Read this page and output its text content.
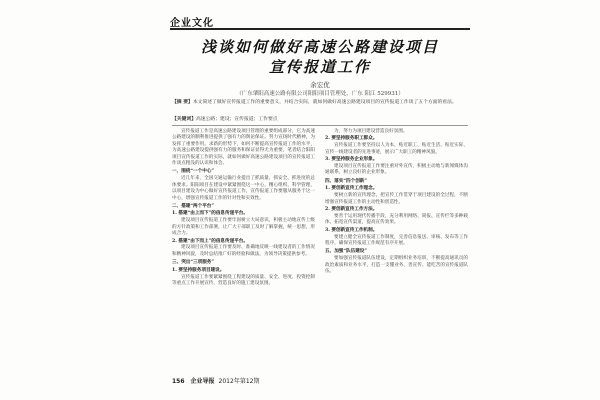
企业文化
浅谈如何做好高速公路建设项目
宣传报道工作
余宏优
（广东肇阳高速公路有限公司阳阳项目管理处，广东 阳江 529931）
【摘 要】本文简述了做好宣传报道工作的重要意义，并结合实际，就如何做好高速公路建设项目的宣传报道工作谈了五个方面的看法。
【关键词】高速公路；建设；宣传报道；工作要点

宣传报道工作是高速公路建设项目管理的重要组成部分，它为高速公路建设的顺利推进提供了强有力的舆论保证。努力宣扬时代精神，为发挥了重要作用。求新的形势下，如何不断提高宣传报道工作的水平，为高速公路建设提供强有力的服务和保证显得尤为重要，笔者结合阳阳项目宣传报道工作的实际，就如何做好高速公路建设项目的宣传报道工作谈点粗浅的认识和体会。

一、围绕“一个中心”

近几年来，全国交通运输行业提出了抓质量、抓安全、抓进度的总体要求。阳阳项目在建设中紧紧围绕这一中心，精心组织，科学管理，以项目建设为中心做好宣传报道工作，宣传报道工作要服从服务于这一中心，增强宣传报道工作的针对性和实效性。

二、搭建“两个平台”

1. 搭建“由上而下”的信息传递平台。

建设项目宣传报道工作要牢固树立大局意识，积极主动地宣传上级的方针政策和工作部署，让广大干部职工及时了解掌握，统一思想，形成合力。

2. 搭建“由下而上”的信息传递平台。

建设项目宣传报道工作要及时、准确地反映一线建设者的工作情况和精神风貌，及时总结推广好的经验和做法，为领导决策提供参考。

三、突出“三项服务”

1. 要坚持服务项目建设。

宣传报道工作要紧紧围绕工程建设的质量、安全、进度、投资控制等重点工作开展宣传，营造良好的施工建设氛围。

为，努力为项目建设营造良好氛围。

2. 要坚持服务职工群众。

宣传报道工作要坚持以人为本，贴近职工、贴近生活、贴近实际，宣传一线建设者的先进事迹，展示广大职工的精神风貌。

3. 要坚持服务企业形象。

建设项目宣传报道工作要注重对外宣传，积极主动地与新闻媒体沟通联系，树立良好的企业形象。

四、落实“四个创新”

1. 要创新宣传工作理念。

要树立新的宣传理念，把宣传工作贯穿于项目建设的全过程，不断增强宣传报道工作的主动性和创造性。

2. 要创新宣传工作方法。

要善于运用现代传播手段，充分利用网络、简报、宣传栏等多种载体，拓宽宣传渠道，提高宣传效果。

3. 要创新宣传工作机制。

要建立健全宣传报道工作制度，完善信息报送、审核、发布等工作程序，确保宣传报道工作规范有序开展。

五、加强“队伍建设”

要加强宣传报道队伍建设，定期组织业务培训，不断提高通讯员的政治素质和业务水平，打造一支懂业务、善宣传、能吃苦的宣传报道队伍。

156 企业导报 2012年第12期
